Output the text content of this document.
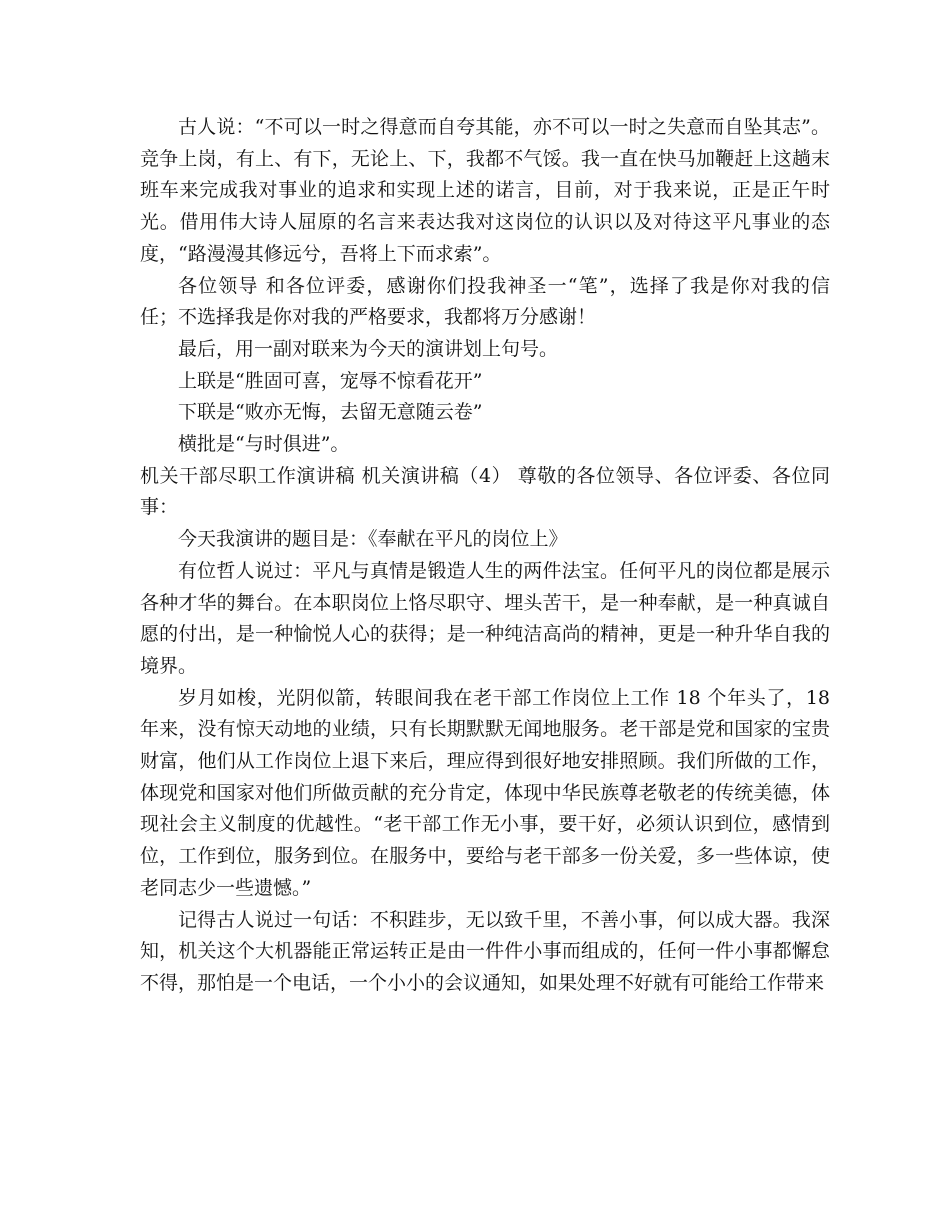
古人说：“不可以一时之得意而自夸其能，亦不可以一时之失意而自坠其志”。竞争上岗，有上、有下，无论上、下，我都不气馁。我一直在快马加鞭赶上这趟末班车来完成我对事业的追求和实现上述的诺言，目前，对于我来说，正是正午时光。借用伟大诗人屈原的名言来表达我对这岗位的认识以及对待这平凡事业的态度，“路漫漫其修远兮，吾将上下而求索”。

各位领导 和各位评委，感谢你们投我神圣一“笔”，选择了我是你对我的信任；不选择我是你对我的严格要求，我都将万分感谢！

最后，用一副对联来为今天的演讲划上句号。

上联是“胜固可喜，宠辱不惊看花开”

下联是“败亦无悔，去留无意随云卷”

横批是“与时俱进”。

机关干部尽职工作演讲稿 机关演讲稿（4） 尊敬的各位领导、各位评委、各位同事：

今天我演讲的题目是：《奉献在平凡的岗位上》

有位哲人说过：平凡与真情是锻造人生的两件法宝。任何平凡的岗位都是展示各种才华的舞台。在本职岗位上恪尽职守、埋头苦干，是一种奉献，是一种真诚自愿的付出，是一种愉悦人心的获得；是一种纯洁高尚的精神，更是一种升华自我的境界。

岁月如梭，光阴似箭，转眼间我在老干部工作岗位上工作 18 个年头了，18 年来，没有惊天动地的业绩，只有长期默默无闻地服务。老干部是党和国家的宝贵财富，他们从工作岗位上退下来后，理应得到很好地安排照顾。我们所做的工作，体现党和国家对他们所做贡献的充分肯定，体现中华民族尊老敬老的传统美德，体现社会主义制度的优越性。“老干部工作无小事，要干好，必须认识到位，感情到位，工作到位，服务到位。在服务中，要给与老干部多一份关爱，多一些体谅，使老同志少一些遗憾。”

记得古人说过一句话：不积跬步，无以致千里，不善小事，何以成大器。我深知，机关这个大机器能正常运转正是由一件件小事而组成的，任何一件小事都懈怠不得，那怕是一个电话，一个小小的会议通知，如果处理不好就有可能给工作带来
